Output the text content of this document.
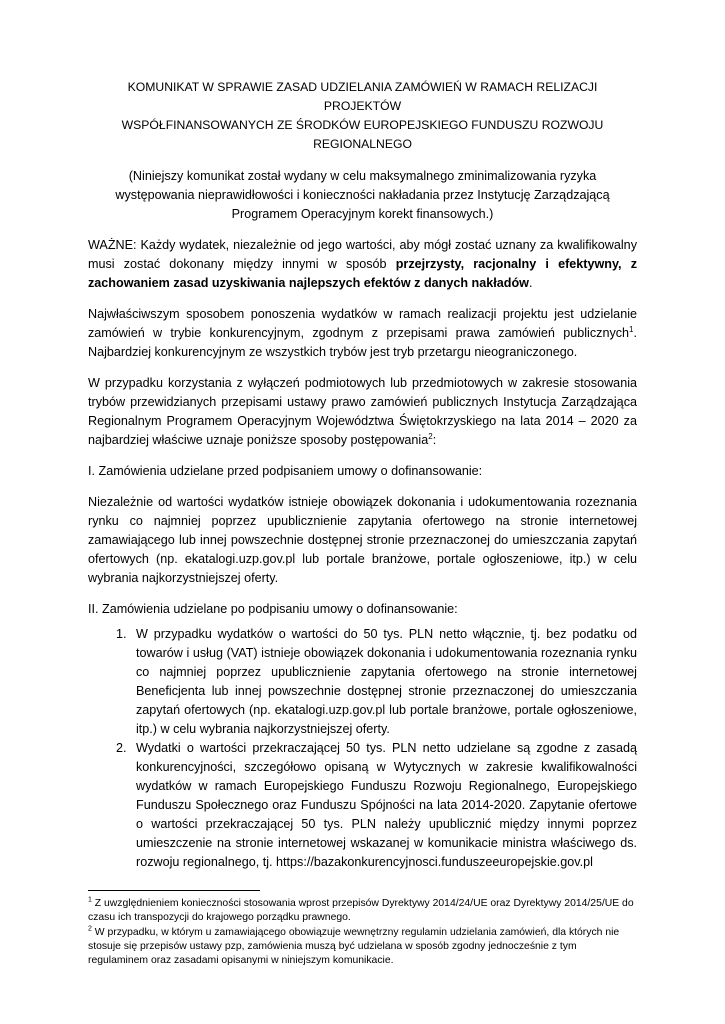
KOMUNIKAT W SPRAWIE ZASAD UDZIELANIA ZAMÓWIEŃ W RAMACH RELIZACJI PROJEKTÓW
WSPÓŁFINANSOWANYCH ZE ŚRODKÓW EUROPEJSKIEGO FUNDUSZU ROZWOJU REGIONALNEGO
(Niniejszy komunikat został wydany w celu maksymalnego zminimalizowania ryzyka występowania nieprawidłowości i konieczności nakładania przez Instytucję Zarządzającą Programem Operacyjnym korekt finansowych.)

WAŻNE: Każdy wydatek, niezależnie od jego wartości, aby mógł zostać uznany za kwalifikowalny musi zostać dokonany między innymi w sposób przejrzysty, racjonalny i efektywny, z zachowaniem zasad uzyskiwania najlepszych efektów z danych nakładów.

Najwłaściwszym sposobem ponoszenia wydatków w ramach realizacji projektu jest udzielanie zamówień w trybie konkurencyjnym, zgodnym z przepisami prawa zamówień publicznych$^1$. Najbardziej konkurencyjnym ze wszystkich trybów jest tryb przetargu nieograniczonego.

W przypadku korzystania z wyłączeń podmiotowych lub przedmiotowych w zakresie stosowania trybów przewidzianych przepisami ustawy prawo zamówień publicznych Instytucja Zarządzająca Regionalnym Programem Operacyjnym Województwa Świętokrzyskiego na lata 2014 – 2020 za najbardziej właściwe uznaje poniższe sposoby postępowania$^2$:

I. Zamówienia udzielane przed podpisaniem umowy o dofinansowanie:

Niezależnie od wartości wydatków istnieje obowiązek dokonania i udokumentowania rozeznania rynku co najmniej poprzez upublicznienie zapytania ofertowego na stronie internetowej zamawiającego lub innej powszechnie dostępnej stronie przeznaczonej do umieszczania zapytań ofertowych (np. ekatalogi.uzp.gov.pl lub portale branżowe, portale ogłoszeniowe, itp.) w celu wybrania najkorzystniejszej oferty.

II. Zamówienia udzielane po podpisaniu umowy o dofinansowanie:

1. W przypadku wydatków o wartości do 50 tys. PLN netto włącznie, tj. bez podatku od towarów i usług (VAT) istnieje obowiązek dokonania i udokumentowania rozeznania rynku co najmniej poprzez upublicznienie zapytania ofertowego na stronie internetowej Beneficjenta lub innej powszechnie dostępnej stronie przeznaczonej do umieszczania zapytań ofertowych (np. ekatalogi.uzp.gov.pl lub portale branżowe, portale ogłoszeniowe, itp.) w celu wybrania najkorzystniejszej oferty.
2. Wydatki o wartości przekraczającej 50 tys. PLN netto udzielane są zgodne z zasadą konkurencyjności, szczegółowo opisaną w Wytycznych w zakresie kwalifikowalności wydatków w ramach Europejskiego Funduszu Rozwoju Regionalnego, Europejskiego Funduszu Społecznego oraz Funduszu Spójności na lata 2014-2020. Zapytanie ofertowe o wartości przekraczającej 50 tys. PLN należy upublicznić między innymi poprzez umieszczenie na stronie internetowej wskazanej w komunikacie ministra właściwego ds. rozwoju regionalnego, tj. https://bazakonkurencyjnosci.funduszeeuropejskie.gov.pl
$^1$ Z uwzględnieniem konieczności stosowania wprost przepisów Dyrektywy 2014/24/UE oraz Dyrektywy 2014/25/UE do czasu ich transpozycji do krajowego porządku prawnego.
$^2$ W przypadku, w którym u zamawiającego obowiązuje wewnętrzny regulamin udzielania zamówień, dla których nie stosuje się przepisów ustawy pzp, zamówienia muszą być udzielana w sposób zgodny jednocześnie z tym regulaminem oraz zasadami opisanymi w niniejszym komunikacie.
